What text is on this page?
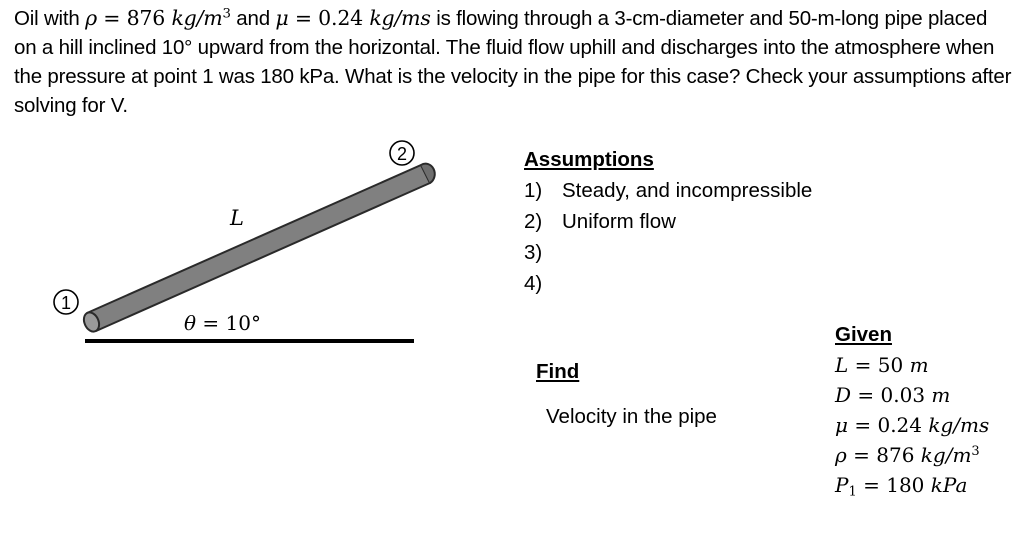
Oil with ρ = 876 $kg/m^3$ and μ = 0.24 kg/ms is flowing through a 3-cm-diameter and 50-m-long pipe placed on a hill inclined 10° upward from the horizontal. The fluid flow uphill and discharges into the atmosphere when the pressure at point 1 was 180 kPa. What is the velocity in the pipe for this case? Check your assumptions after solving for V.
1
2
L
θ = 10°
Assumptions
1) Steady, and incompressible
2) Uniform flow
3)
4)
Find
Velocity in the pipe
Given
L = 50 m
D = 0.03 m
μ = 0.24 kg/ms
ρ = 876 $kg/m^3$
$P_1 = 180$ kPa
